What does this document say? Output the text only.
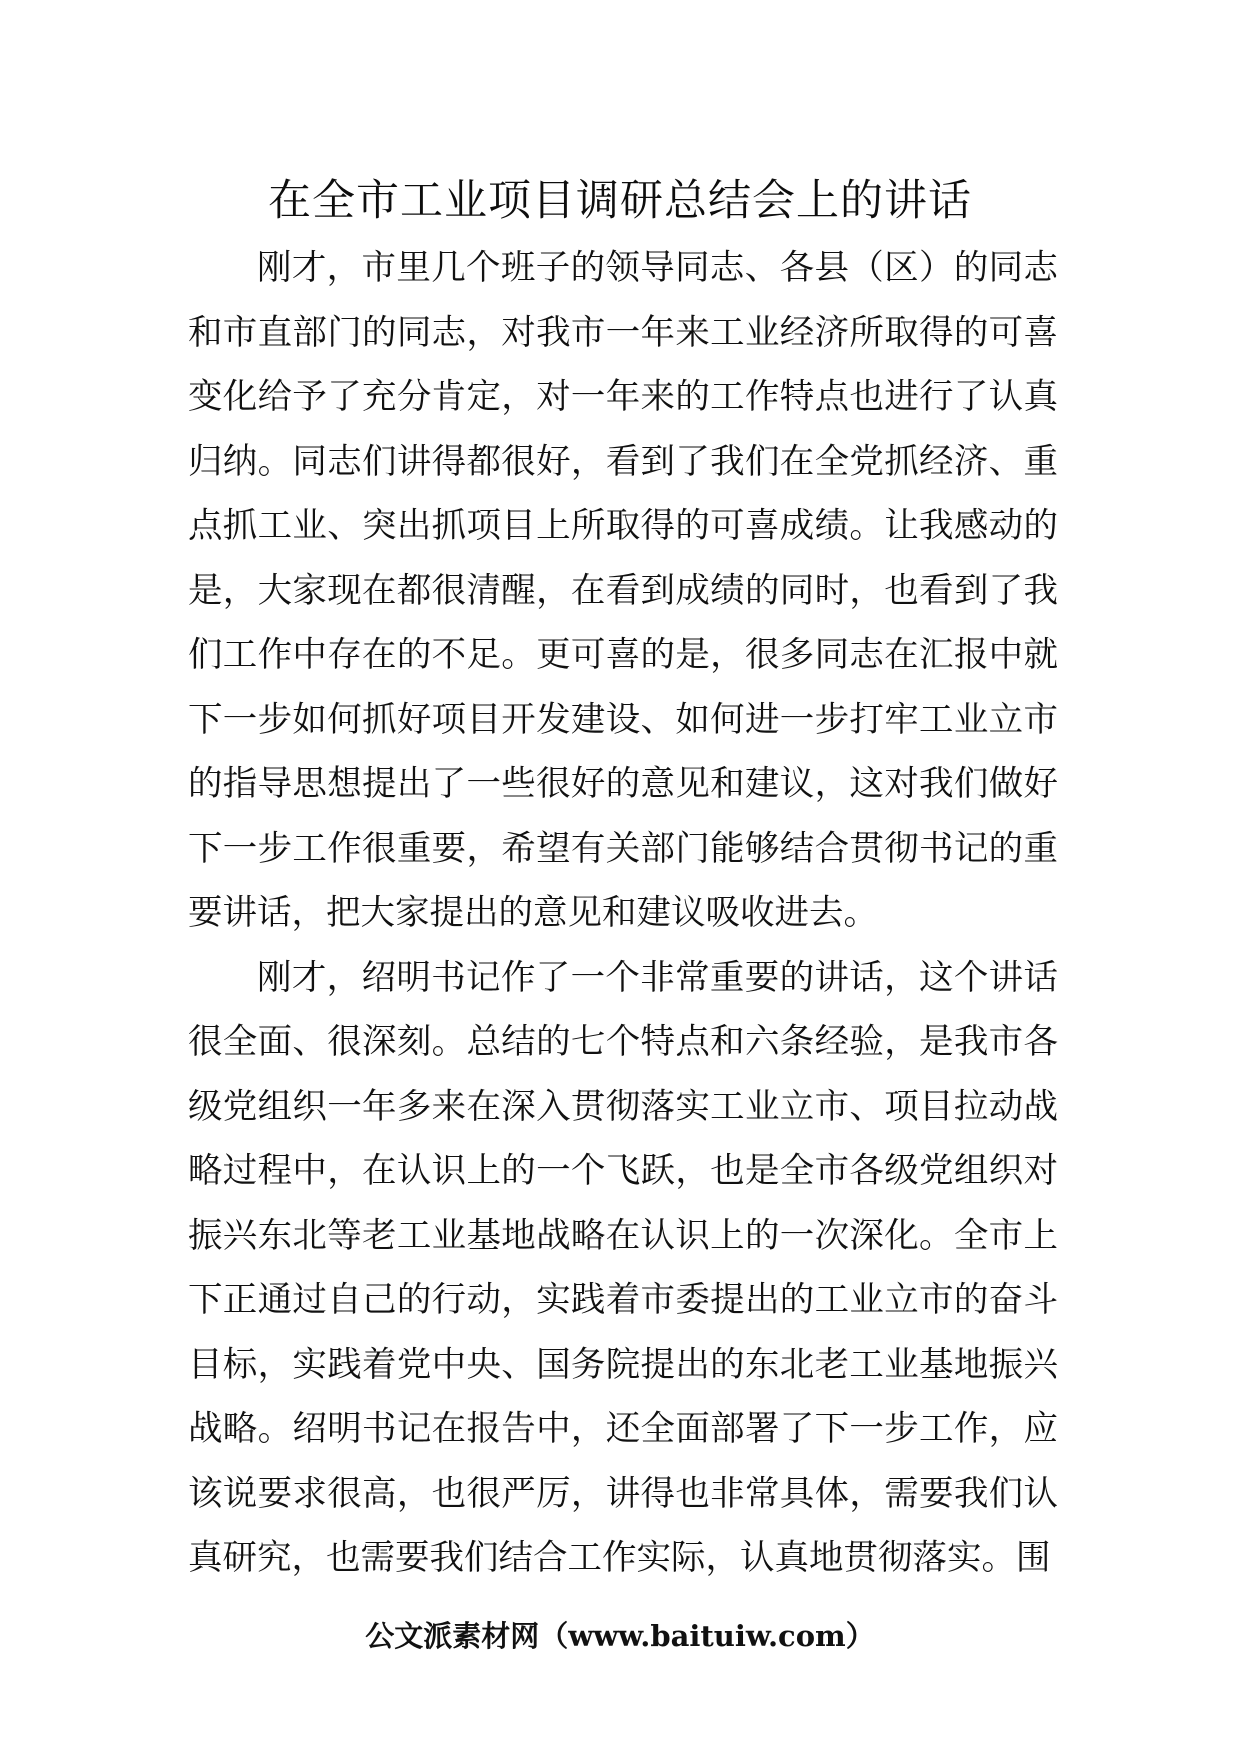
在全市工业项目调研总结会上的讲话

刚才，市里几个班子的领导同志、各县（区）的同志和市直部门的同志，对我市一年来工业经济所取得的可喜变化给予了充分肯定，对一年来的工作特点也进行了认真归纳。同志们讲得都很好，看到了我们在全党抓经济、重点抓工业、突出抓项目上所取得的可喜成绩。让我感动的是，大家现在都很清醒，在看到成绩的同时，也看到了我们工作中存在的不足。更可喜的是，很多同志在汇报中就下一步如何抓好项目开发建设、如何进一步打牢工业立市的指导思想提出了一些很好的意见和建议，这对我们做好下一步工作很重要，希望有关部门能够结合贯彻书记的重要讲话，把大家提出的意见和建议吸收进去。

刚才，绍明书记作了一个非常重要的讲话，这个讲话很全面、很深刻。总结的七个特点和六条经验，是我市各级党组织一年多来在深入贯彻落实工业立市、项目拉动战略过程中，在认识上的一个飞跃，也是全市各级党组织对振兴东北等老工业基地战略在认识上的一次深化。全市上下正通过自己的行动，实践着市委提出的工业立市的奋斗目标，实践着党中央、国务院提出的东北老工业基地振兴战略。绍明书记在报告中，还全面部署了下一步工作，应该说要求很高，也很严厉，讲得也非常具体，需要我们认真研究，也需要我们结合工作实际，认真地贯彻落实。围

公文派素材网（www.baituiw.com）
